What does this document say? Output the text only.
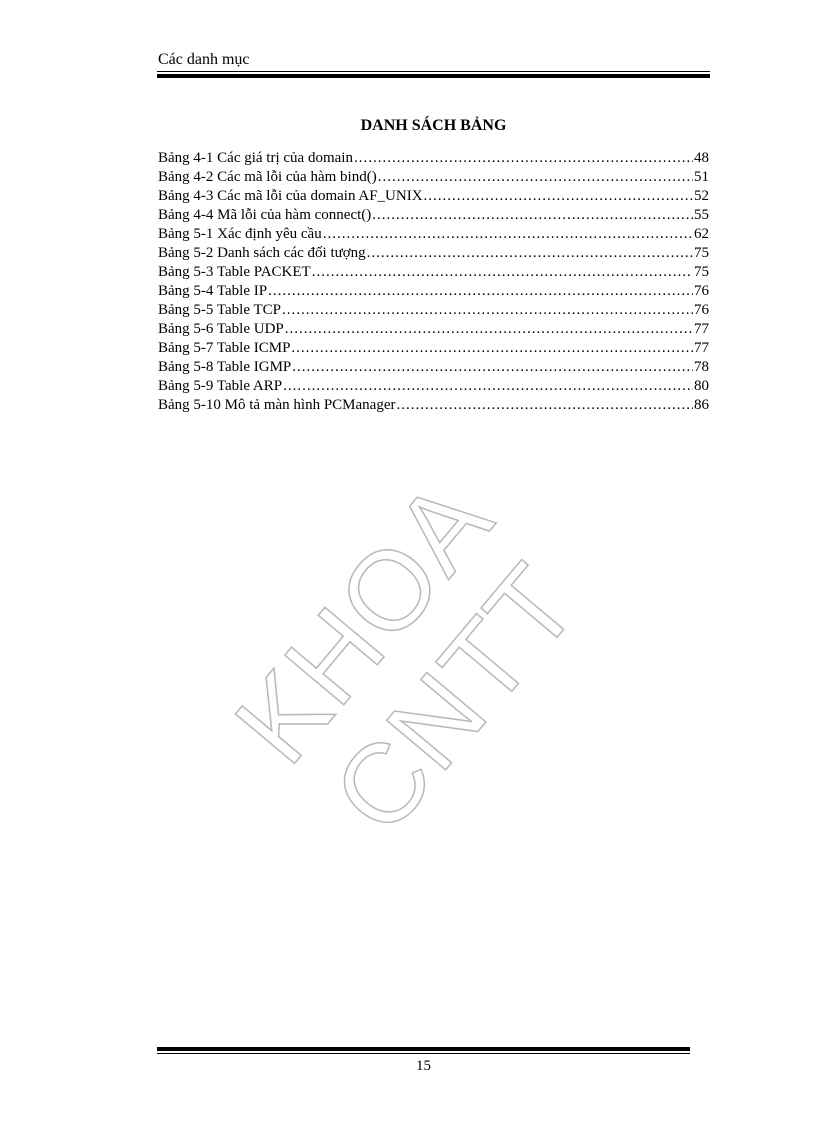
Các danh mục
DANH SÁCH BẢNG
Bảng 4-1 Các giá trị của domain .....	48
Bảng 4-2 Các mã lỗi của hàm bind() .....	51
Bảng 4-3 Các mã lỗi của domain AF_UNIX .....	52
Bảng 4-4 Mã lỗi của hàm connect() .....	55
Bảng 5-1 Xác định yêu cầu .....	62
Bảng 5-2 Danh sách các đối tượng .....	75
Bảng 5-3 Table PACKET .....	75
Bảng 5-4 Table IP .....	76
Bảng 5-5 Table TCP .....	76
Bảng 5-6 Table UDP .....	77
Bảng 5-7 Table ICMP .....	77
Bảng 5-8 Table IGMP .....	78
Bảng 5-9 Table ARP .....	80
Bảng 5-10 Mô tả màn hình PCManager .....	86
KHOA CNTT
15
